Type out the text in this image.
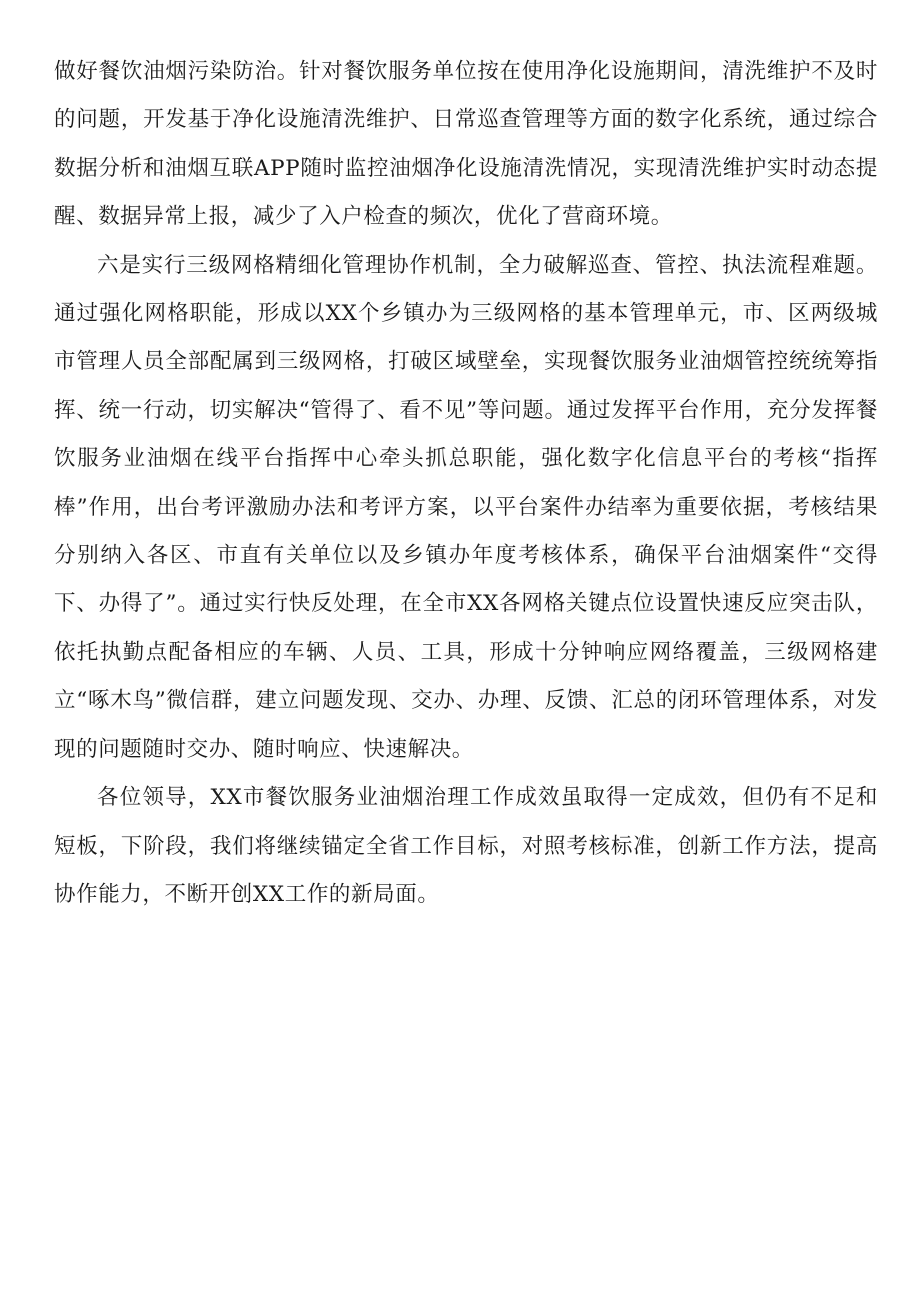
做好餐饮油烟污染防治。针对餐饮服务单位按在使用净化设施期间，清洗维护不及时的问题，开发基于净化设施清洗维护、日常巡查管理等方面的数字化系统，通过综合数据分析和油烟互联APP随时监控油烟净化设施清洗情况，实现清洗维护实时动态提醒、数据异常上报，减少了入户检查的频次，优化了营商环境。

六是实行三级网格精细化管理协作机制，全力破解巡查、管控、执法流程难题。通过强化网格职能，形成以XX个乡镇办为三级网格的基本管理单元，市、区两级城市管理人员全部配属到三级网格，打破区域壁垒，实现餐饮服务业油烟管控统统筹指挥、统一行动，切实解决“管得了、看不见”等问题。通过发挥平台作用，充分发挥餐饮服务业油烟在线平台指挥中心牵头抓总职能，强化数字化信息平台的考核“指挥棒”作用，出台考评激励办法和考评方案，以平台案件办结率为重要依据，考核结果分别纳入各区、市直有关单位以及乡镇办年度考核体系，确保平台油烟案件“交得下、办得了”。通过实行快反处理，在全市XX各网格关键点位设置快速反应突击队，依托执勤点配备相应的车辆、人员、工具，形成十分钟响应网络覆盖，三级网格建立“啄木鸟”微信群，建立问题发现、交办、办理、反馈、汇总的闭环管理体系，对发现的问题随时交办、随时响应、快速解决。

各位领导，XX市餐饮服务业油烟治理工作成效虽取得一定成效，但仍有不足和短板，下阶段，我们将继续锚定全省工作目标，对照考核标准，创新工作方法，提高协作能力，不断开创XX工作的新局面。
